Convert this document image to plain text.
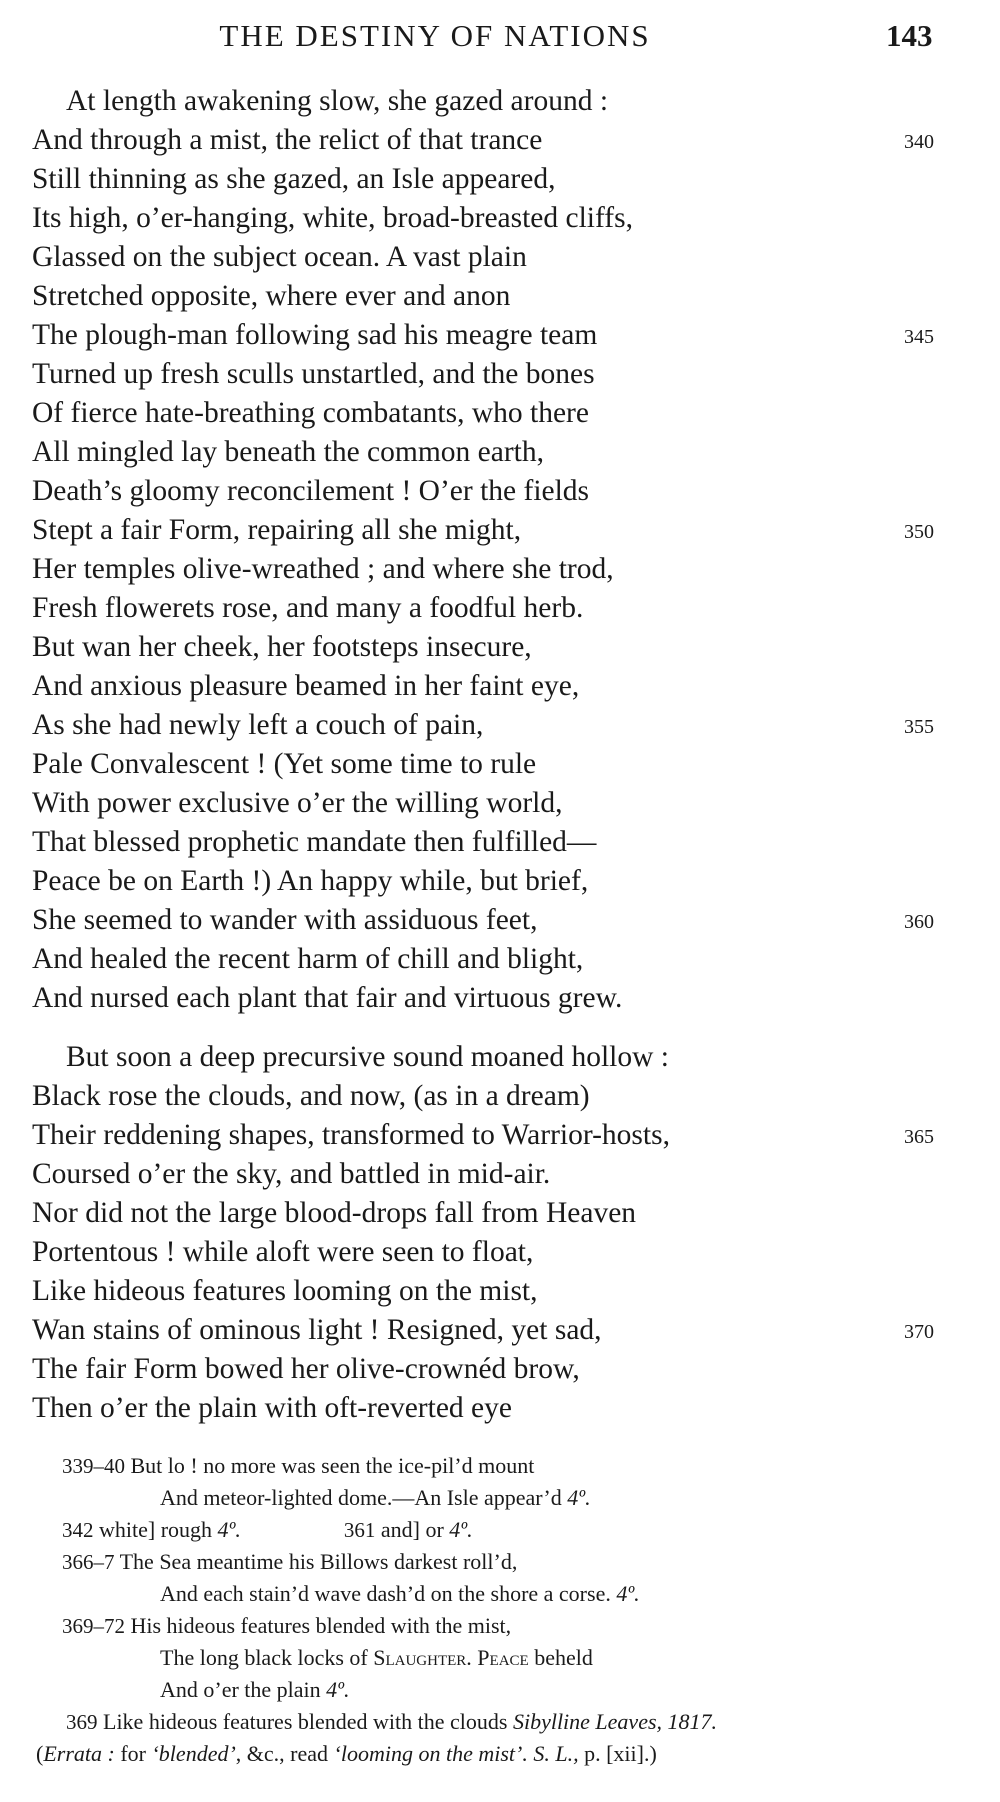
THE DESTINY OF NATIONS	143
At length awakening slow, she gazed around :
And through a mist, the relict of that trance	340
Still thinning as she gazed, an Isle appeared,
Its high, o’er-hanging, white, broad-breasted cliffs,
Glassed on the subject ocean. A vast plain
Stretched opposite, where ever and anon
The plough-man following sad his meagre team	345
Turned up fresh sculls unstartled, and the bones
Of fierce hate-breathing combatants, who there
All mingled lay beneath the common earth,
Death’s gloomy reconcilement ! O’er the fields
Stept a fair Form, repairing all she might,	350
Her temples olive-wreathed ; and where she trod,
Fresh flowerets rose, and many a foodful herb.
But wan her cheek, her footsteps insecure,
And anxious pleasure beamed in her faint eye,
As she had newly left a couch of pain,	355
Pale Convalescent ! (Yet some time to rule
With power exclusive o’er the willing world,
That blessed prophetic mandate then fulfilled—
Peace be on Earth !) An happy while, but brief,
She seemed to wander with assiduous feet,	360
And healed the recent harm of chill and blight,
And nursed each plant that fair and virtuous grew.
But soon a deep precursive sound moaned hollow :
Black rose the clouds, and now, (as in a dream)
Their reddening shapes, transformed to Warrior-hosts,	365
Coursed o’er the sky, and battled in mid-air.
Nor did not the large blood-drops fall from Heaven
Portentous ! while aloft were seen to float,
Like hideous features looming on the mist,
Wan stains of ominous light ! Resigned, yet sad,	370
The fair Form bowed her olive-crownéd brow,
Then o’er the plain with oft-reverted eye
339–40 But lo ! no more was seen the ice-pil’d mount
And meteor-lighted dome.—An Isle appear’d 4º.
342 white] rough 4º.	361 and] or 4º.
366–7 The Sea meantime his Billows darkest roll’d,
And each stain’d wave dash’d on the shore a corse. 4º.
369–72 His hideous features blended with the mist,
The long black locks of Slaughter. Peace beheld
And o’er the plain 4º.
369 Like hideous features blended with the clouds Sibylline Leaves, 1817.
(Errata : for ‘blended’, &c., read ‘looming on the mist’. S. L., p. [xii].)
